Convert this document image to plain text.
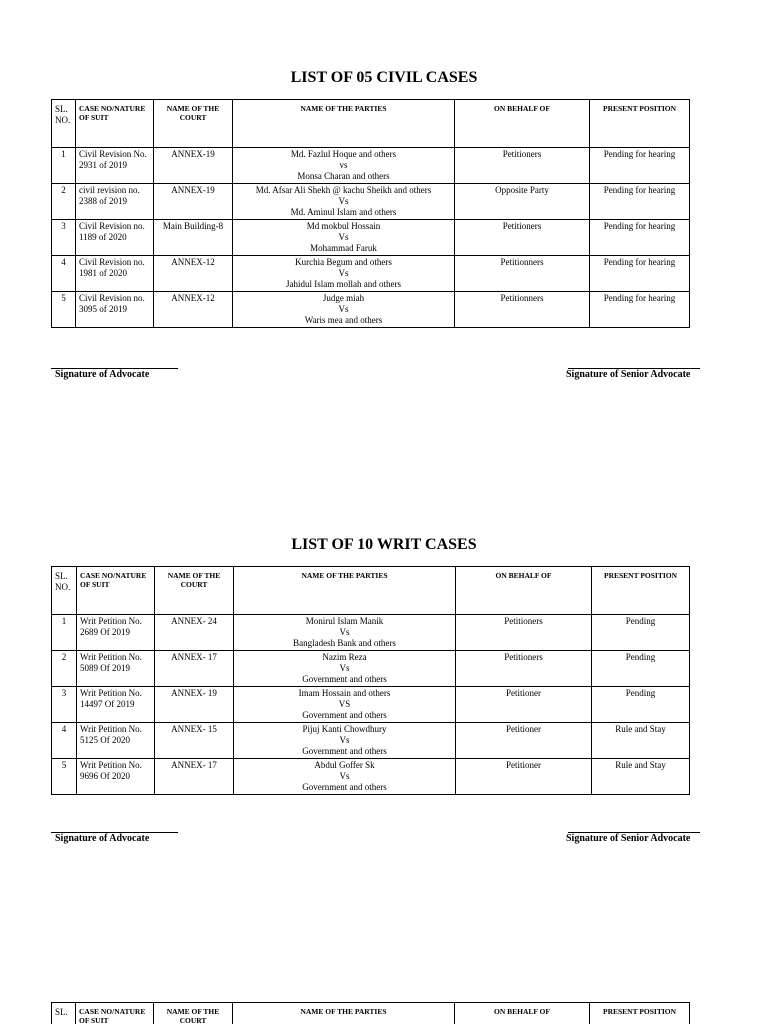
LIST OF 05 CIVIL CASES
SL. NO.	CASE NO/NATURE OF SUIT	NAME OF THE COURT	NAME OF THE PARTIES	ON BEHALF OF	PRESENT POSITION
1	Civil Revision No. 2931 of 2019	ANNEX-19	Md. Fazlul Hoque and others
vs
Monsa Charan and others	Petitioners	Pending for hearing
2	civil revision no. 2388 of 2019	ANNEX-19	Md. Afsar Ali Shekh @ kachu Sheikh and others
Vs
Md. Aminul Islam and others	Opposite Party	Pending for hearing
3	Civil Revision no. 1189 of 2020	Main Building-8	Md mokbul Hossain
Vs
Mohammad Faruk	Petitioners	Pending for hearing
4	Civil Revision no. 1981 of 2020	ANNEX-12	Kurchia Begum and others
Vs
Jahidul Islam mollah and others	Petitionners	Pending for hearing
5	Civil Revision no. 3095 of 2019	ANNEX-12	Judge miah
Vs
Waris mea and others	Petitionners	Pending for hearing
Signature of Advocate	Signature of Senior Advocate
LIST OF 10 WRIT CASES
SL. NO.	CASE NO/NATURE OF SUIT	NAME OF THE COURT	NAME OF THE PARTIES	ON BEHALF OF	PRESENT POSITION
1	Writ Petition No. 2689 Of 2019	ANNEX- 24	Monirul Islam Manik
Vs
Bangladesh Bank and others	Petitioners	Pending
2	Writ Petition No. 5089 Of 2019	ANNEX- 17	Nazim Reza
Vs
Government and others	Petitioners	Pending
3	Writ Petition No. 14497 Of 2019	ANNEX- 19	Imam Hossain and others
VS
Government and others	Petitioner	Pending
4	Writ Petition No. 5125 Of 2020	ANNEX- 15	Pijuj Kanti Chowdhury
Vs
Government and others	Petitioner	Rule and Stay
5	Writ Petition No. 9696 Of 2020	ANNEX- 17	Abdul Goffer Sk
Vs
Government and others	Petitioner	Rule and Stay
Signature of Advocate	Signature of Senior Advocate
SL.	CASE NO/NATURE OF SUIT	NAME OF THE COURT	NAME OF THE PARTIES	ON BEHALF OF	PRESENT POSITION
